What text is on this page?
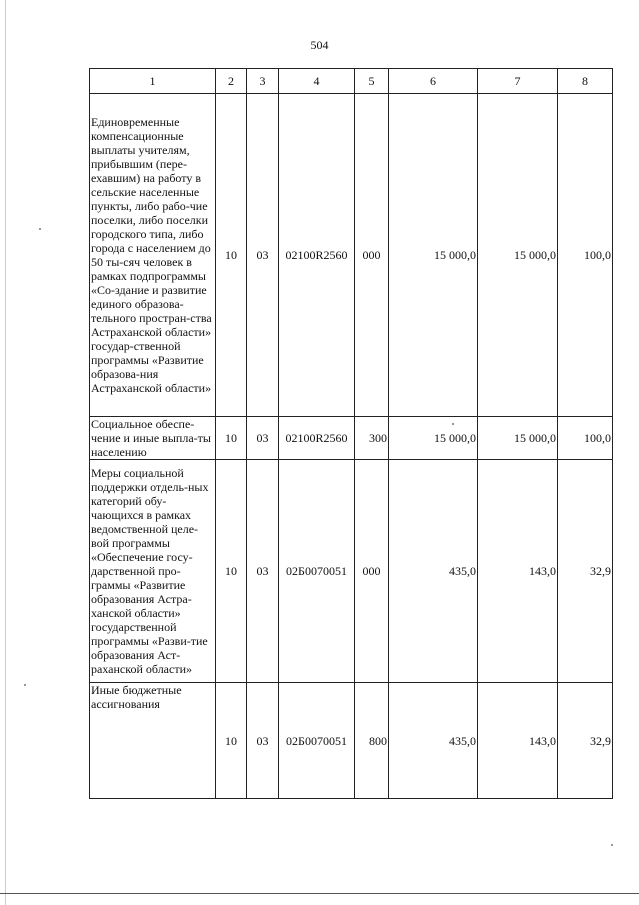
504
1	2	3	4	5	6	7	8
Единовременные компенсационные выплаты учителям, прибывшим (пере-ехавшим) на работу в сельские населенные пункты, либо рабо-чие поселки, либо поселки городского типа, либо города с населением до 50 ты-сяч человек в рамках подпрограммы «Со-здание и развитие единого образова-тельного простран-ства Астраханской области» государ-ственной программы «Развитие образова-ния Астраханской области»	10	03	02100R2560	000	15 000,0	15 000,0	100,0
Социальное обеспе-чение и иные выпла-ты населению	10	03	02100R2560	300	15 000,0	15 000,0	100,0
Меры социальной поддержки отдель-ных категорий обу-чающихся в рамках ведомственной целе-вой программы «Обеспечение госу-дарственной про-граммы «Развитие образования Астра-ханской области» государственной программы «Разви-тие образования Аст-раханской области»	10	03	02Б0070051	000	435,0	143,0	32,9
Иные бюджетные ассигнования	10	03	02Б0070051	800	435,0	143,0	32,9
